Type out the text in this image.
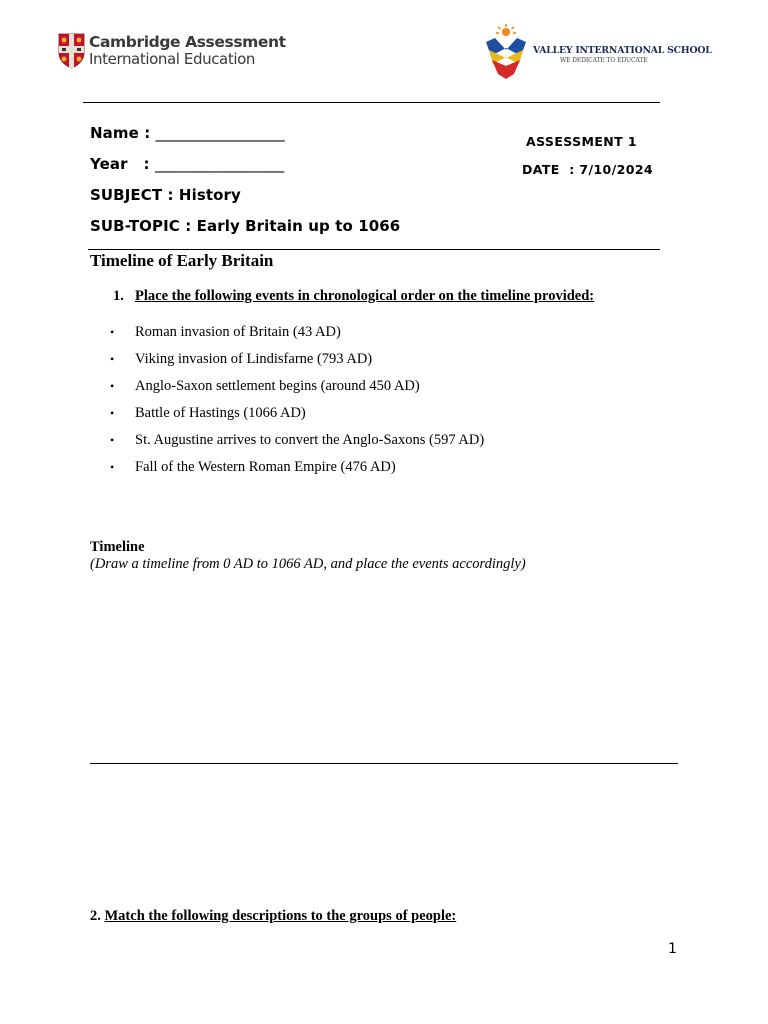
Cambridge Assessment
International Education	VALLEY INTERNATIONAL SCHOOL
WE DEDICATE TO EDUCATE
Name : _________________
Year   : _________________
SUBJECT : History
SUB-TOPIC : Early Britain up to 1066
ASSESSMENT 1
DATE  : 7/10/2024
Timeline of Early Britain
1. Place the following events in chronological order on the timeline provided:
•	Roman invasion of Britain (43 AD)
•	Viking invasion of Lindisfarne (793 AD)
•	Anglo-Saxon settlement begins (around 450 AD)
•	Battle of Hastings (1066 AD)
•	St. Augustine arrives to convert the Anglo-Saxons (597 AD)
•	Fall of the Western Roman Empire (476 AD)
Timeline
(Draw a timeline from 0 AD to 1066 AD, and place the events accordingly)
2. Match the following descriptions to the groups of people:
1
